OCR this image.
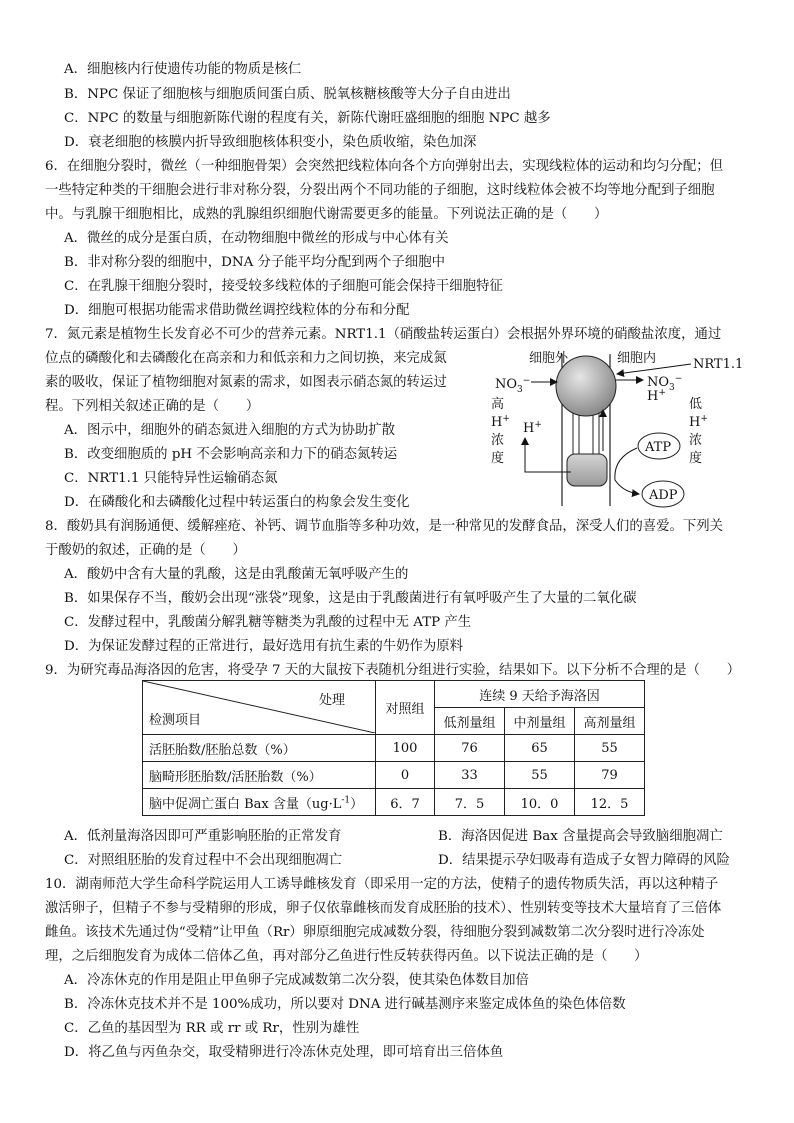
A．细胞核内行使遗传功能的物质是核仁
B．NPC 保证了细胞核与细胞质间蛋白质、脱氧核糖核酸等大分子自由进出
C．NPC 的数量与细胞新陈代谢的程度有关，新陈代谢旺盛细胞的细胞 NPC 越多
D．衰老细胞的核膜内折导致细胞核体积变小，染色质收缩，染色加深
6．在细胞分裂时，微丝（一种细胞骨架）会突然把线粒体向各个方向弹射出去，实现线粒体的运动和均匀分配；但
一些特定种类的干细胞会进行非对称分裂，分裂出两个不同功能的子细胞，这时线粒体会被不均等地分配到子细胞
中。与乳腺干细胞相比，成熟的乳腺组织细胞代谢需要更多的能量。下列说法正确的是（　　）
A．微丝的成分是蛋白质，在动物细胞中微丝的形成与中心体有关
B．非对称分裂的细胞中，DNA 分子能平均分配到两个子细胞中
C．在乳腺干细胞分裂时，接受较多线粒体的子细胞可能会保持干细胞特征
D．细胞可根据功能需求借助微丝调控线粒体的分布和分配
7．氮元素是植物生长发育必不可少的营养元素。NRT1.1（硝酸盐转运蛋白）会根据外界环境的硝酸盐浓度，通过
位点的磷酸化和去磷酸化在高亲和力和低亲和力之间切换，来完成氮
素的吸收，保证了植物细胞对氮素的需求，如图表示硝态氮的转运过
程。下列相关叙述正确的是（　　）
A．图示中，细胞外的硝态氮进入细胞的方式为协助扩散
B．改变细胞质的 pH 不会影响高亲和力下的硝态氮转运
C．NRT1.1 只能特异性运输硝态氮
D．在磷酸化和去磷酸化过程中转运蛋白的构象会发生变化
细胞外	细胞内	NRT1.1
$NO_3^-$	$NO_3^-$
H+
高
H+
浓
度
H+
低
H+
浓
度
ATP
ADP
8．酸奶具有润肠通便、缓解痤疮、补钙、调节血脂等多种功效，是一种常见的发酵食品，深受人们的喜爱。下列关
于酸奶的叙述，正确的是（　　）
A．酸奶中含有大量的乳酸，这是由乳酸菌无氧呼吸产生的
B．如果保存不当，酸奶会出现“涨袋”现象，这是由于乳酸菌进行有氧呼吸产生了大量的二氧化碳
C．发酵过程中，乳酸菌分解乳糖等糖类为乳酸的过程中无 ATP 产生
D．为保证发酵过程的正常进行，最好选用有抗生素的牛奶作为原料
9．为研究毒品海洛因的危害，将受孕 7 天的大鼠按下表随机分组进行实验，结果如下。以下分析不合理的是（　　）
处理
检测项目	对照组	连续 9 天给予海洛因		
		低剂量组	中剂量组	高剂量组
活胚胎数/胚胎总数（%）	100	76	65	55
脑畸形胚胎数/活胚胎数（%）	0	33	55	79
脑中促凋亡蛋白 Bax 含量$(ug\cdot L^{-1})$	6．7	7．5	10．0	12．5
A．低剂量海洛因即可严重影响胚胎的正常发育	B．海洛因促进 Bax 含量提高会导致脑细胞凋亡
C．对照组胚胎的发育过程中不会出现细胞凋亡	D．结果提示孕妇吸毒有造成子女智力障碍的风险
10．湖南师范大学生命科学院运用人工诱导雌核发育（即采用一定的方法，使精子的遗传物质失活，再以这种精子
激活卵子，但精子不参与受精卵的形成，卵子仅依靠雌核而发育成胚胎的技术）、性别转变等技术大量培育了三倍体
雌鱼。该技术先通过伪“受精”让甲鱼（Rr）卵原细胞完成减数分裂，待细胞分裂到减数第二次分裂时进行冷冻处
理，之后细胞发育为成体二倍体乙鱼，再对部分乙鱼进行性反转获得丙鱼。以下说法正确的是（　　）
A．冷冻休克的作用是阻止甲鱼卵子完成减数第二次分裂，使其染色体数目加倍
B．冷冻休克技术并不是 100%成功，所以要对 DNA 进行碱基测序来鉴定成体鱼的染色体倍数
C．乙鱼的基因型为 RR 或 rr 或 Rr，性别为雄性
D．将乙鱼与丙鱼杂交，取受精卵进行冷冻休克处理，即可培育出三倍体鱼
